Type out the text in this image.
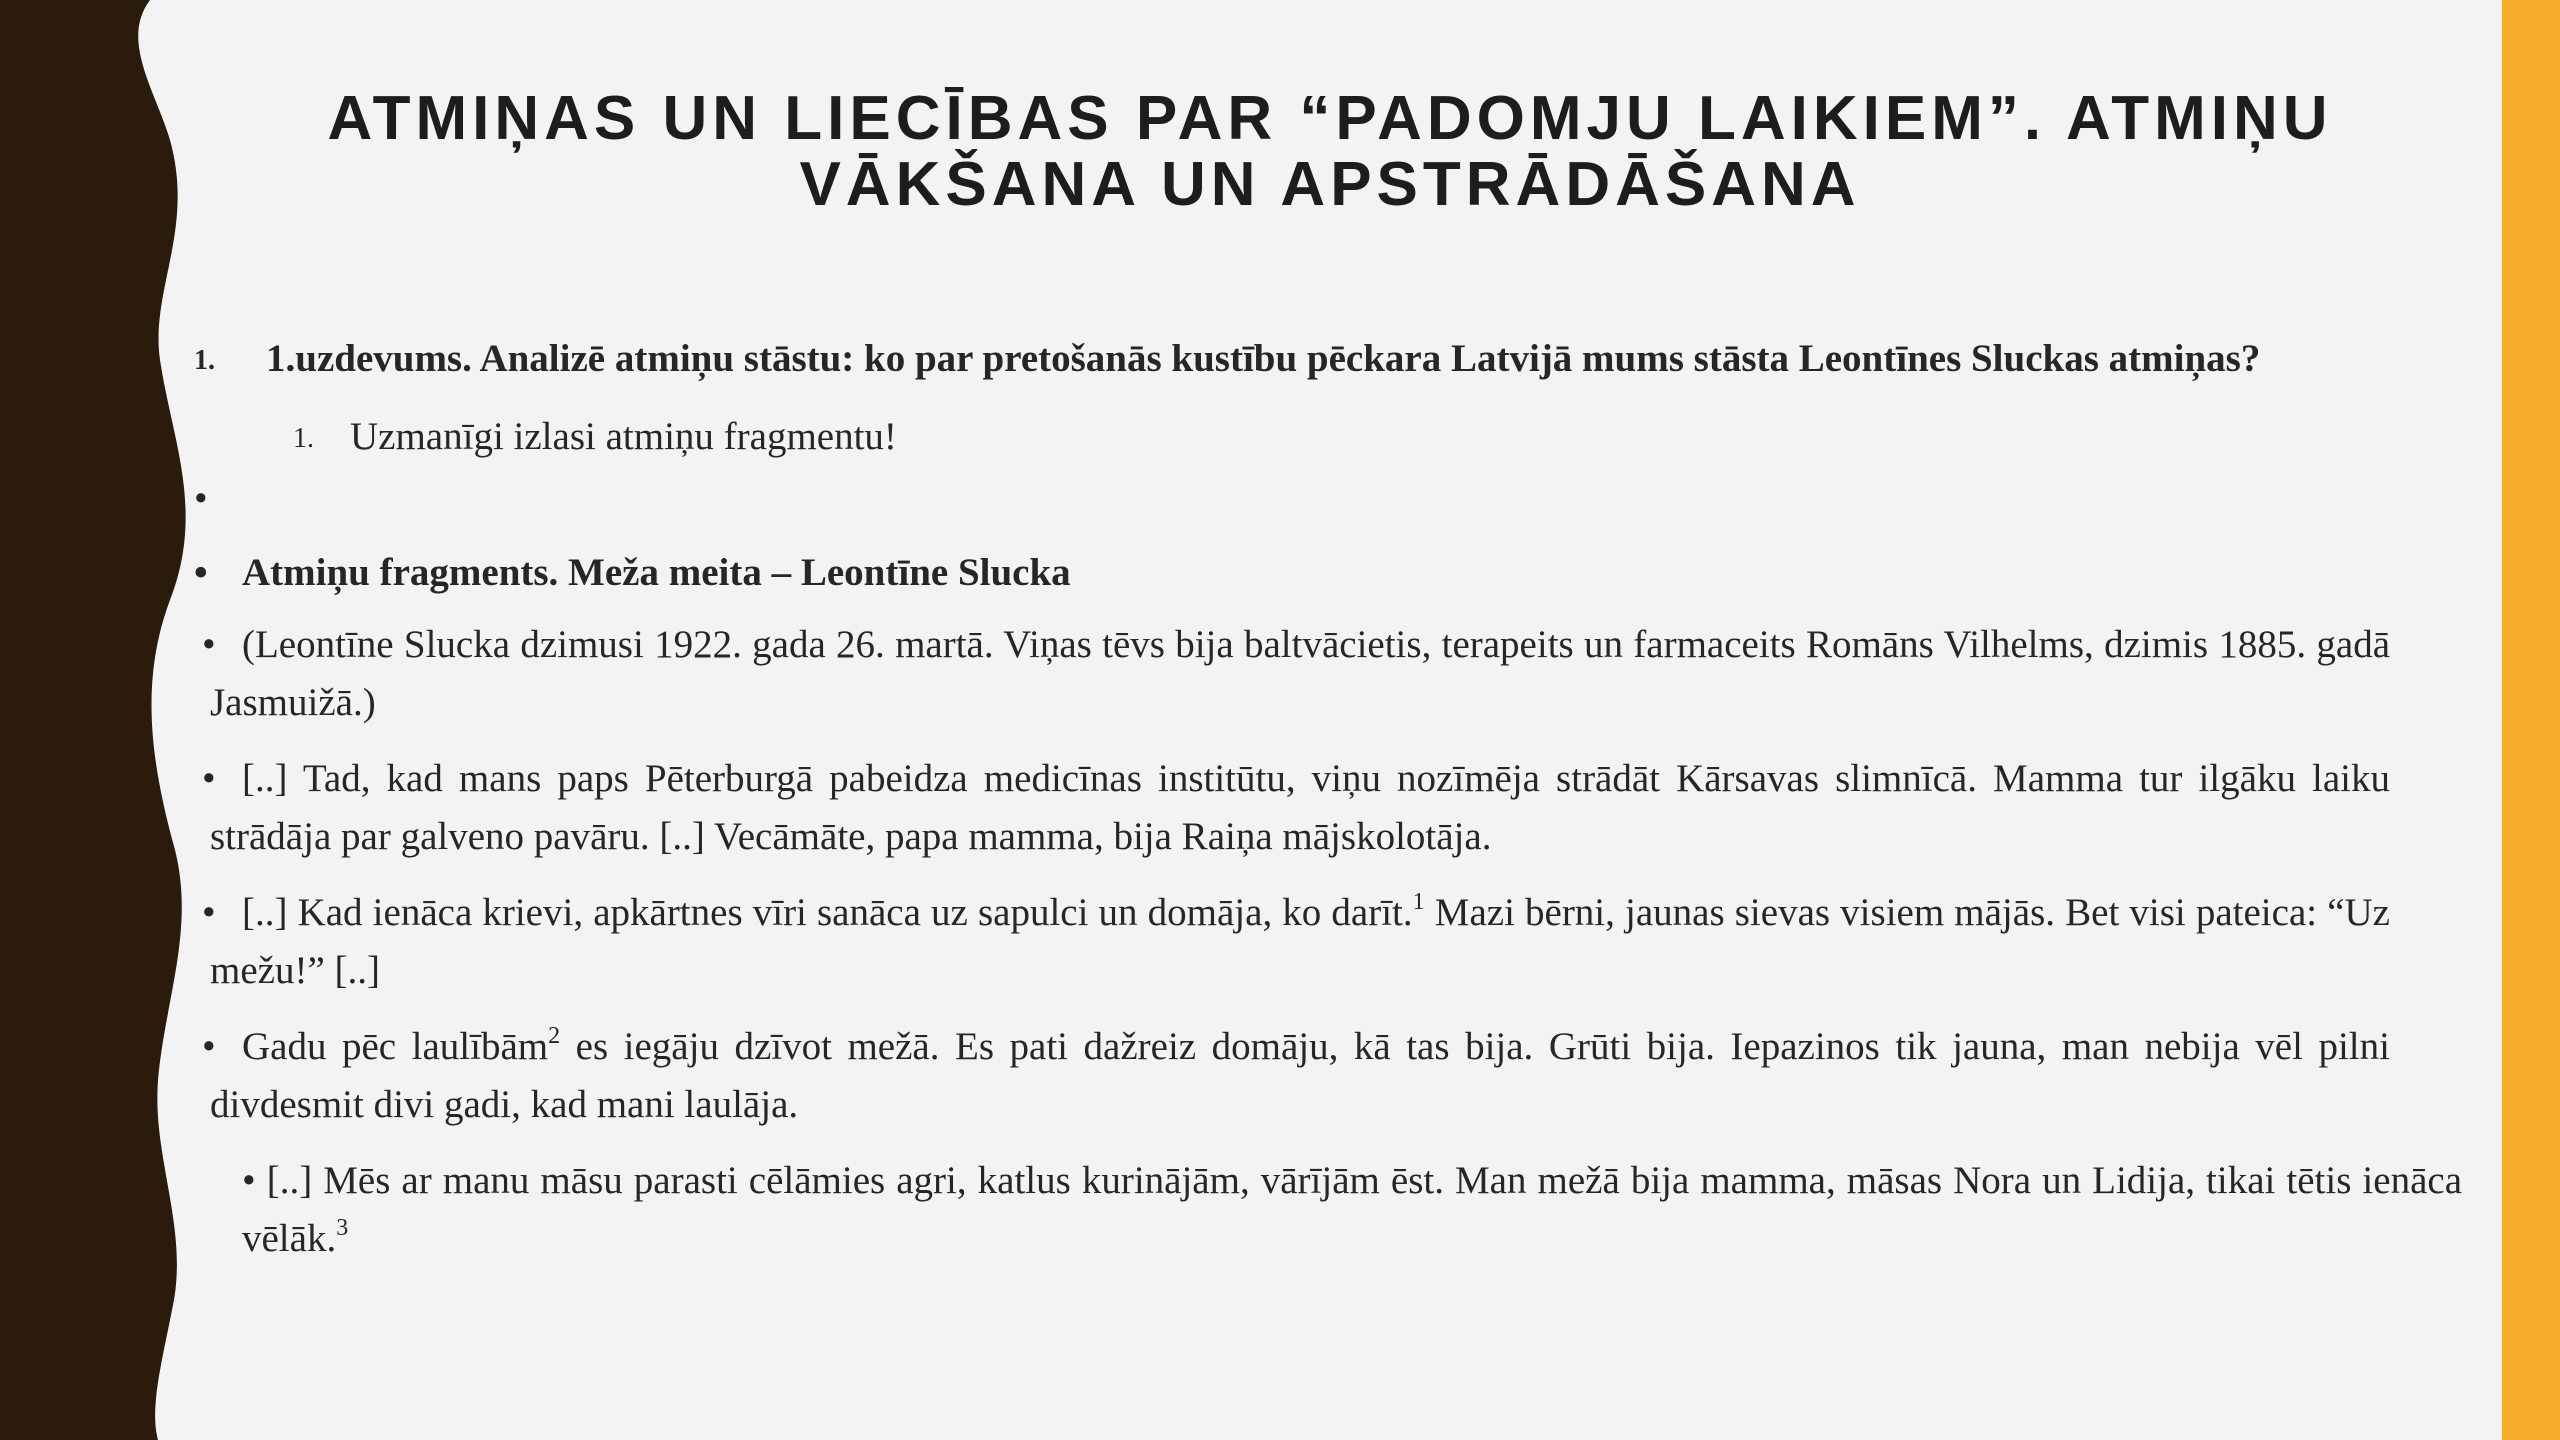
ATMIŅAS UN LIECĪBAS PAR “PADOMJU LAIKIEM”. ATMIŅU VĀKŠANA UN APSTRĀDĀŠANA
1. 1.uzdevums. Analizē atmiņu stāstu: ko par pretošanās kustību pēckara Latvijā mums stāsta Leontīnes Sluckas atmiņas?
1. Uzmanīgi izlasi atmiņu fragmentu!
•
• Atmiņu fragments. Meža meita – Leontīne Slucka
• (Leontīne Slucka dzimusi 1922. gada 26. martā. Viņas tēvs bija baltvācietis, terapeits un farmaceits Romāns Vilhelms, dzimis 1885. gadā Jasmuižā.)
• [..] Tad, kad mans paps Pēterburgā pabeidza medicīnas institūtu, viņu nozīmēja strādāt Kārsavas slimnīcā. Mamma tur ilgāku laiku strādāja par galveno pavāru. [..] Vecāmāte, papa mamma, bija Raiņa mājskolotāja.
• [..] Kad ienāca krievi, apkārtnes vīri sanāca uz sapulci un domāja, ko darīt.$^1$ Mazi bērni, jaunas sievas visiem mājās. Bet visi pateica: “Uz mežu!” [..]
• Gadu pēc laulībām$^2$ es iegāju dzīvot mežā. Es pati dažreiz domāju, kā tas bija. Grūti bija. Iepazinos tik jauna, man nebija vēl pilni divdesmit divi gadi, kad mani laulāja.
• [..] Mēs ar manu māsu parasti cēlāmies agri, katlus kurinājām, vārījām ēst. Man mežā bija mamma, māsas Nora un Lidija, tikai tētis ienāca vēlāk.$^3$
